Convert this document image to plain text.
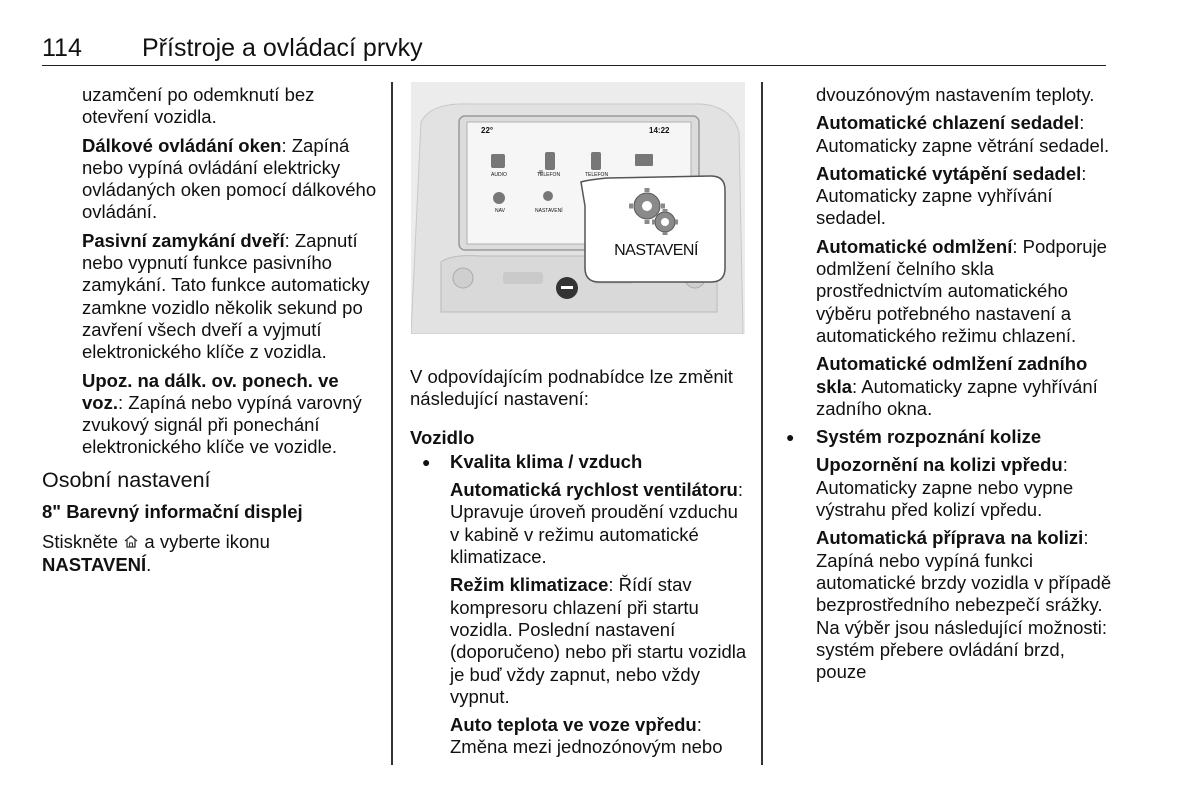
114 Přístroje a ovládací prvky

uzamčení po odemknutí bez otevření vozidla.

Dálkové ovládání oken: Zapíná nebo vypíná ovládání elektricky ovládaných oken pomocí dálkového ovládání.

Pasivní zamykání dveří: Zapnutí nebo vypnutí funkce pasivního zamykání. Tato funkce automaticky zamkne vozidlo několik sekund po zavření všech dveří a vyjmutí elektronického klíče z vozidla.

Upoz. na dálk. ov. ponech. ve voz.: Zapíná nebo vypíná varovný zvukový signál při ponechání elektronického klíče ve vozidle.

Osobní nastavení
8" Barevný informační displej

Stiskněte  a vyberte ikonu
NASTAVENÍ.

22°	14:22
AUDIO	TELEFON	TELEFON
NAV	NASTAVENÍ
NASTAVENÍ

V odpovídajícím podnabídce lze změnit následující nastavení:

Vozidlo
● Kvalita klima / vzduch

Automatická rychlost ventilátoru: Upravuje úroveň proudění vzduchu v kabině v režimu automatické klimatizace.

Režim klimatizace: Řídí stav kompresoru chlazení při startu vozidla. Poslední nastavení (doporučeno) nebo při startu vozidla je buď vždy zapnut, nebo vždy vypnut.

Auto teplota ve voze vpředu: Změna mezi jednozónovým nebo

dvouzónovým nastavením teploty.

Automatické chlazení sedadel: Automaticky zapne větrání sedadel.

Automatické vytápění sedadel: Automaticky zapne vyhřívání sedadel.

Automatické odmlžení: Podporuje odmlžení čelního skla prostřednictvím automatického výběru potřebného nastavení a automatického režimu chlazení.

Automatické odmlžení zadního skla: Automaticky zapne vyhřívání zadního okna.

● Systém rozpoznání kolize

Upozornění na kolizi vpředu: Automaticky zapne nebo vypne výstrahu před kolizí vpředu.

Automatická příprava na kolizi: Zapíná nebo vypíná funkci automatické brzdy vozidla v případě bezprostředního nebezpečí srážky. Na výběr jsou následující možnosti: systém přebere ovládání brzd, pouze
